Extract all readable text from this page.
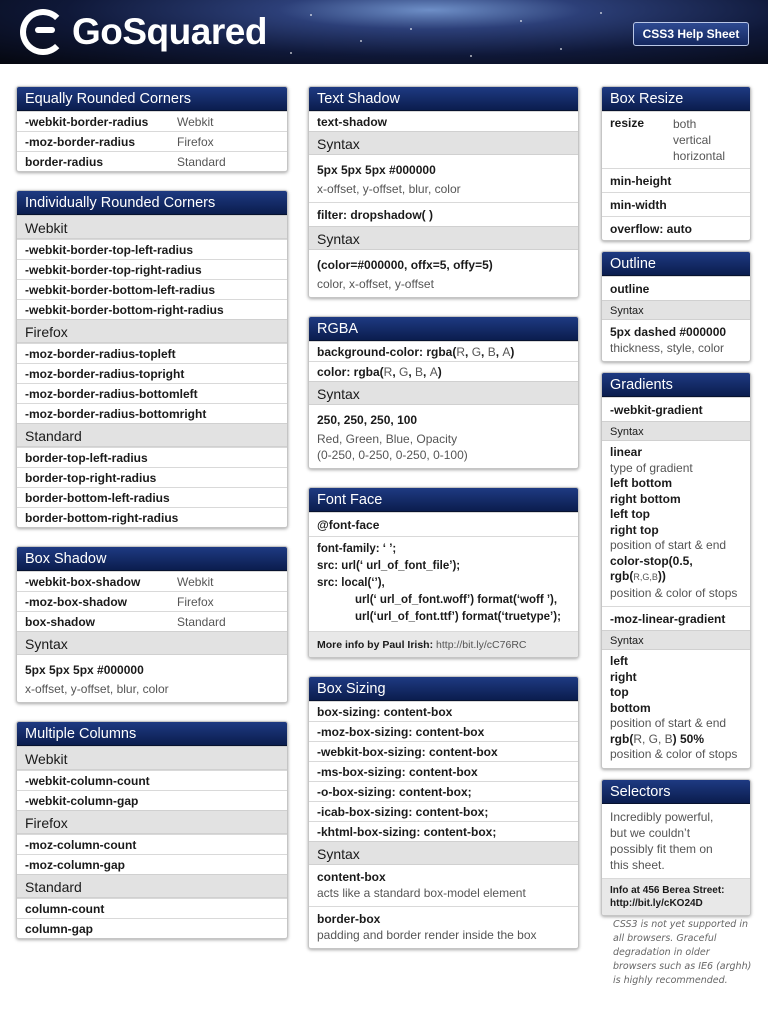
GoSquared	CSS3 Help Sheet
Equally Rounded Corners
-webkit-border-radius	Webkit
-moz-border-radius	Firefox
border-radius	Standard
Individually Rounded Corners
Webkit
-webkit-border-top-left-radius
-webkit-border-top-right-radius
-webkit-border-bottom-left-radius
-webkit-border-bottom-right-radius
Firefox
-moz-border-radius-topleft
-moz-border-radius-topright
-moz-border-radius-bottomleft
-moz-border-radius-bottomright
Standard
border-top-left-radius
border-top-right-radius
border-bottom-left-radius
border-bottom-right-radius
Box Shadow
-webkit-box-shadow	Webkit
-moz-box-shadow	Firefox
box-shadow	Standard
Syntax
5px 5px 5px #000000
x-offset, y-offset, blur, color
Multiple Columns
Webkit
-webkit-column-count
-webkit-column-gap
Firefox
-moz-column-count
-moz-column-gap
Standard
column-count
column-gap
Text Shadow
text-shadow
Syntax
5px 5px 5px #000000
x-offset, y-offset, blur, color
filter: dropshadow( )
Syntax
(color=#000000, offx=5, offy=5)
color, x-offset, y-offset
RGBA
background-color: rgba( R , G , B , A )
color: rgba( R , G , B , A )
Syntax
250, 250, 250, 100
Red, Green, Blue, Opacity
(0-250, 0-250, 0-250, 0-100)
Font Face
@font-face
font-family: ‘ ’;
src: url(‘ url_of_font_file’);
src: local(‘’),
url(‘ url_of_font.woff’) format(‘woff ’),
url(‘url_of_font.ttf’) format(‘truetype’);
More info by Paul Irish:
http://bit.ly/cC76RC
Box Sizing
box-sizing: content-box
-moz-box-sizing: content-box
-webkit-box-sizing: content-box
-ms-box-sizing: content-box
-o-box-sizing: content-box;
-icab-box-sizing: content-box;
-khtml-box-sizing: content-box;
Syntax
content-box
acts like a standard box-model element
border-box
padding and border render inside the box
Box Resize
resize	both
vertical
horizontal
min-height
min-width
overflow: auto
Outline
outline
Syntax
5px dashed #000000
thickness, style, color
Gradients
-webkit-gradient
Syntax
linear
type of gradient
left bottom
right bottom
left top
right top
position of start & end
color-stop(0.5, rgb(R,G,B))
position & color of stops
-moz-linear-gradient
Syntax
left
right
top
bottom
position of start & end
rgb(R, G, B) 50%
position & color of stops
Selectors
Incredibly powerful,
but we couldn’t
possibly fit them on
this sheet.
Info at 456 Berea Street:
http://bit.ly/cKO24D
CSS3 is not yet supported in all browsers. Graceful degradation in older browsers such as IE6 (arghh) is highly recommended.
